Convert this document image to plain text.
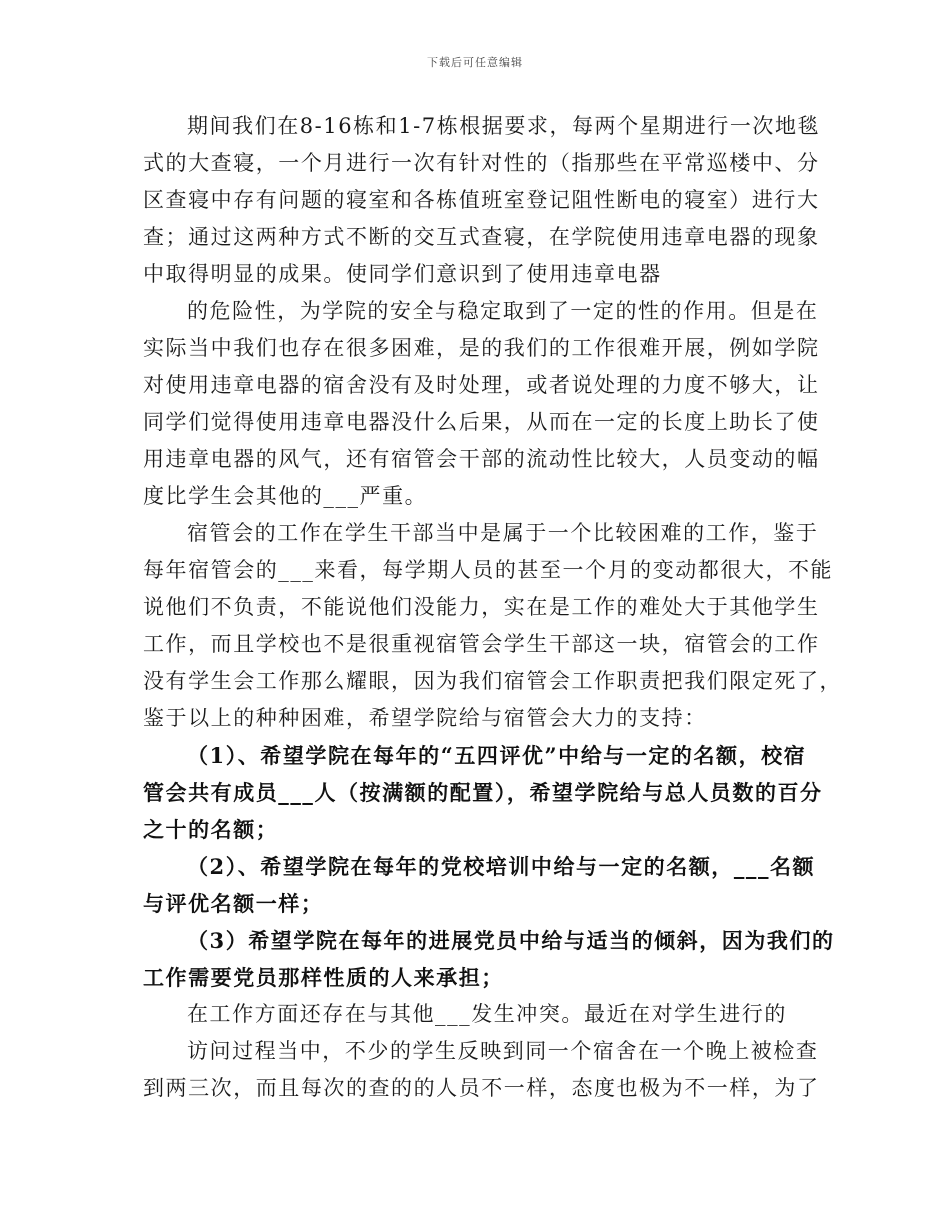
下载后可任意编辑
期间我们在8-16栋和1-7栋根据要求，每两个星期进行一次地毯
式的大查寝，一个月进行一次有针对性的（指那些在平常巡楼中、分
区查寝中存有问题的寝室和各栋值班室登记阻性断电的寝室）进行大
查；通过这两种方式不断的交互式查寝，在学院使用违章电器的现象
中取得明显的成果。使同学们意识到了使用违章电器
的危险性，为学院的安全与稳定取到了一定的性的作用。但是在
实际当中我们也存在很多困难，是的我们的工作很难开展，例如学院
对使用违章电器的宿舍没有及时处理，或者说处理的力度不够大，让
同学们觉得使用违章电器没什么后果，从而在一定的长度上助长了使
用违章电器的风气，还有宿管会干部的流动性比较大，人员变动的幅
度比学生会其他的___严重。
宿管会的工作在学生干部当中是属于一个比较困难的工作，鉴于
每年宿管会的___来看，每学期人员的甚至一个月的变动都很大，不能
说他们不负责，不能说他们没能力，实在是工作的难处大于其他学生
工作，而且学校也不是很重视宿管会学生干部这一块，宿管会的工作
没有学生会工作那么耀眼，因为我们宿管会工作职责把我们限定死了，
鉴于以上的种种困难，希望学院给与宿管会大力的支持：
（1）、希望学院在每年的“五四评优”中给与一定的名额，校宿
管会共有成员___人（按满额的配置），希望学院给与总人员数的百分
之十的名额；
（2）、希望学院在每年的党校培训中给与一定的名额，___名额
与评优名额一样；
（3）希望学院在每年的进展党员中给与适当的倾斜，因为我们的
工作需要党员那样性质的人来承担；
在工作方面还存在与其他___发生冲突。最近在对学生进行的
访问过程当中，不少的学生反映到同一个宿舍在一个晚上被检查
到两三次，而且每次的查的的人员不一样，态度也极为不一样，为了
